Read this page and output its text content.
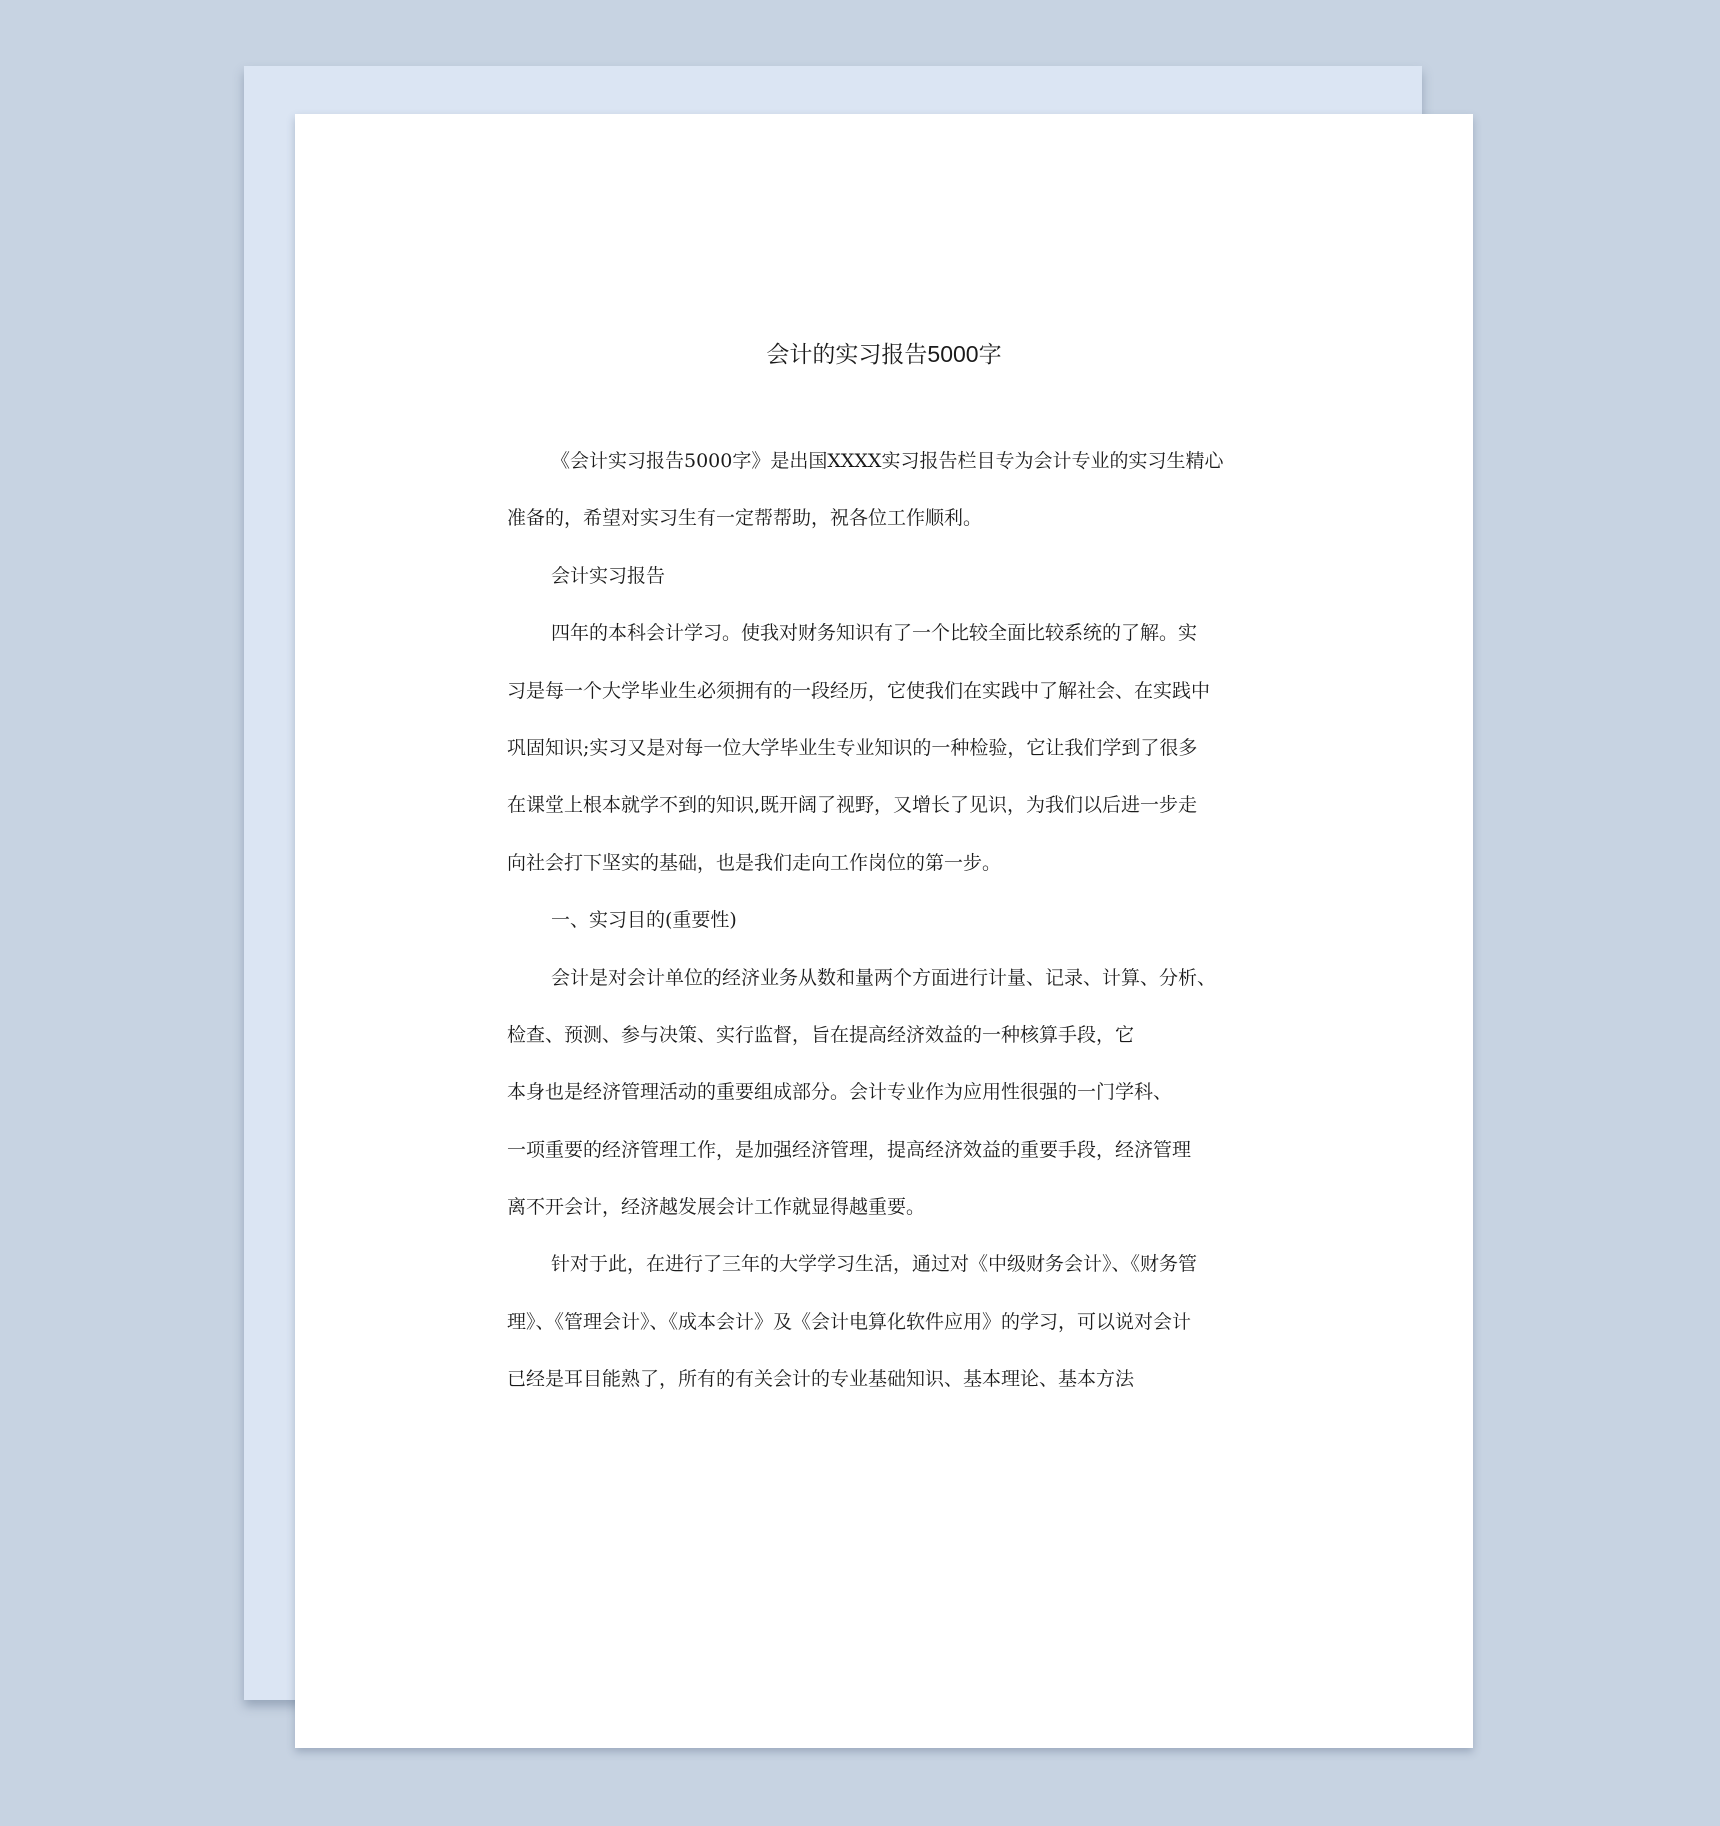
会计的实习报告5000字
《会计实习报告5000字》是出国XXXX实习报告栏目专为会计专业的实习生精心
准备的，希望对实习生有一定帮帮助，祝各位工作顺利。
会计实习报告
四年的本科会计学习。使我对财务知识有了一个比较全面比较系统的了解。实
习是每一个大学毕业生必须拥有的一段经历，它使我们在实践中了解社会、在实践中
巩固知识;实习又是对每一位大学毕业生专业知识的一种检验，它让我们学到了很多
在课堂上根本就学不到的知识,既开阔了视野，又增长了见识，为我们以后进一步走
向社会打下坚实的基础，也是我们走向工作岗位的第一步。
一、实习目的(重要性)
会计是对会计单位的经济业务从数和量两个方面进行计量、记录、计算、分析、
检查、预测、参与决策、实行监督，旨在提高经济效益的一种核算手段，它
本身也是经济管理活动的重要组成部分。会计专业作为应用性很强的一门学科、
一项重要的经济管理工作，是加强经济管理，提高经济效益的重要手段，经济管理
离不开会计，经济越发展会计工作就显得越重要。
针对于此，在进行了三年的大学学习生活，通过对《中级财务会计》、《财务管
理》、《管理会计》、《成本会计》及《会计电算化软件应用》的学习，可以说对会计
已经是耳目能熟了，所有的有关会计的专业基础知识、基本理论、基本方法
